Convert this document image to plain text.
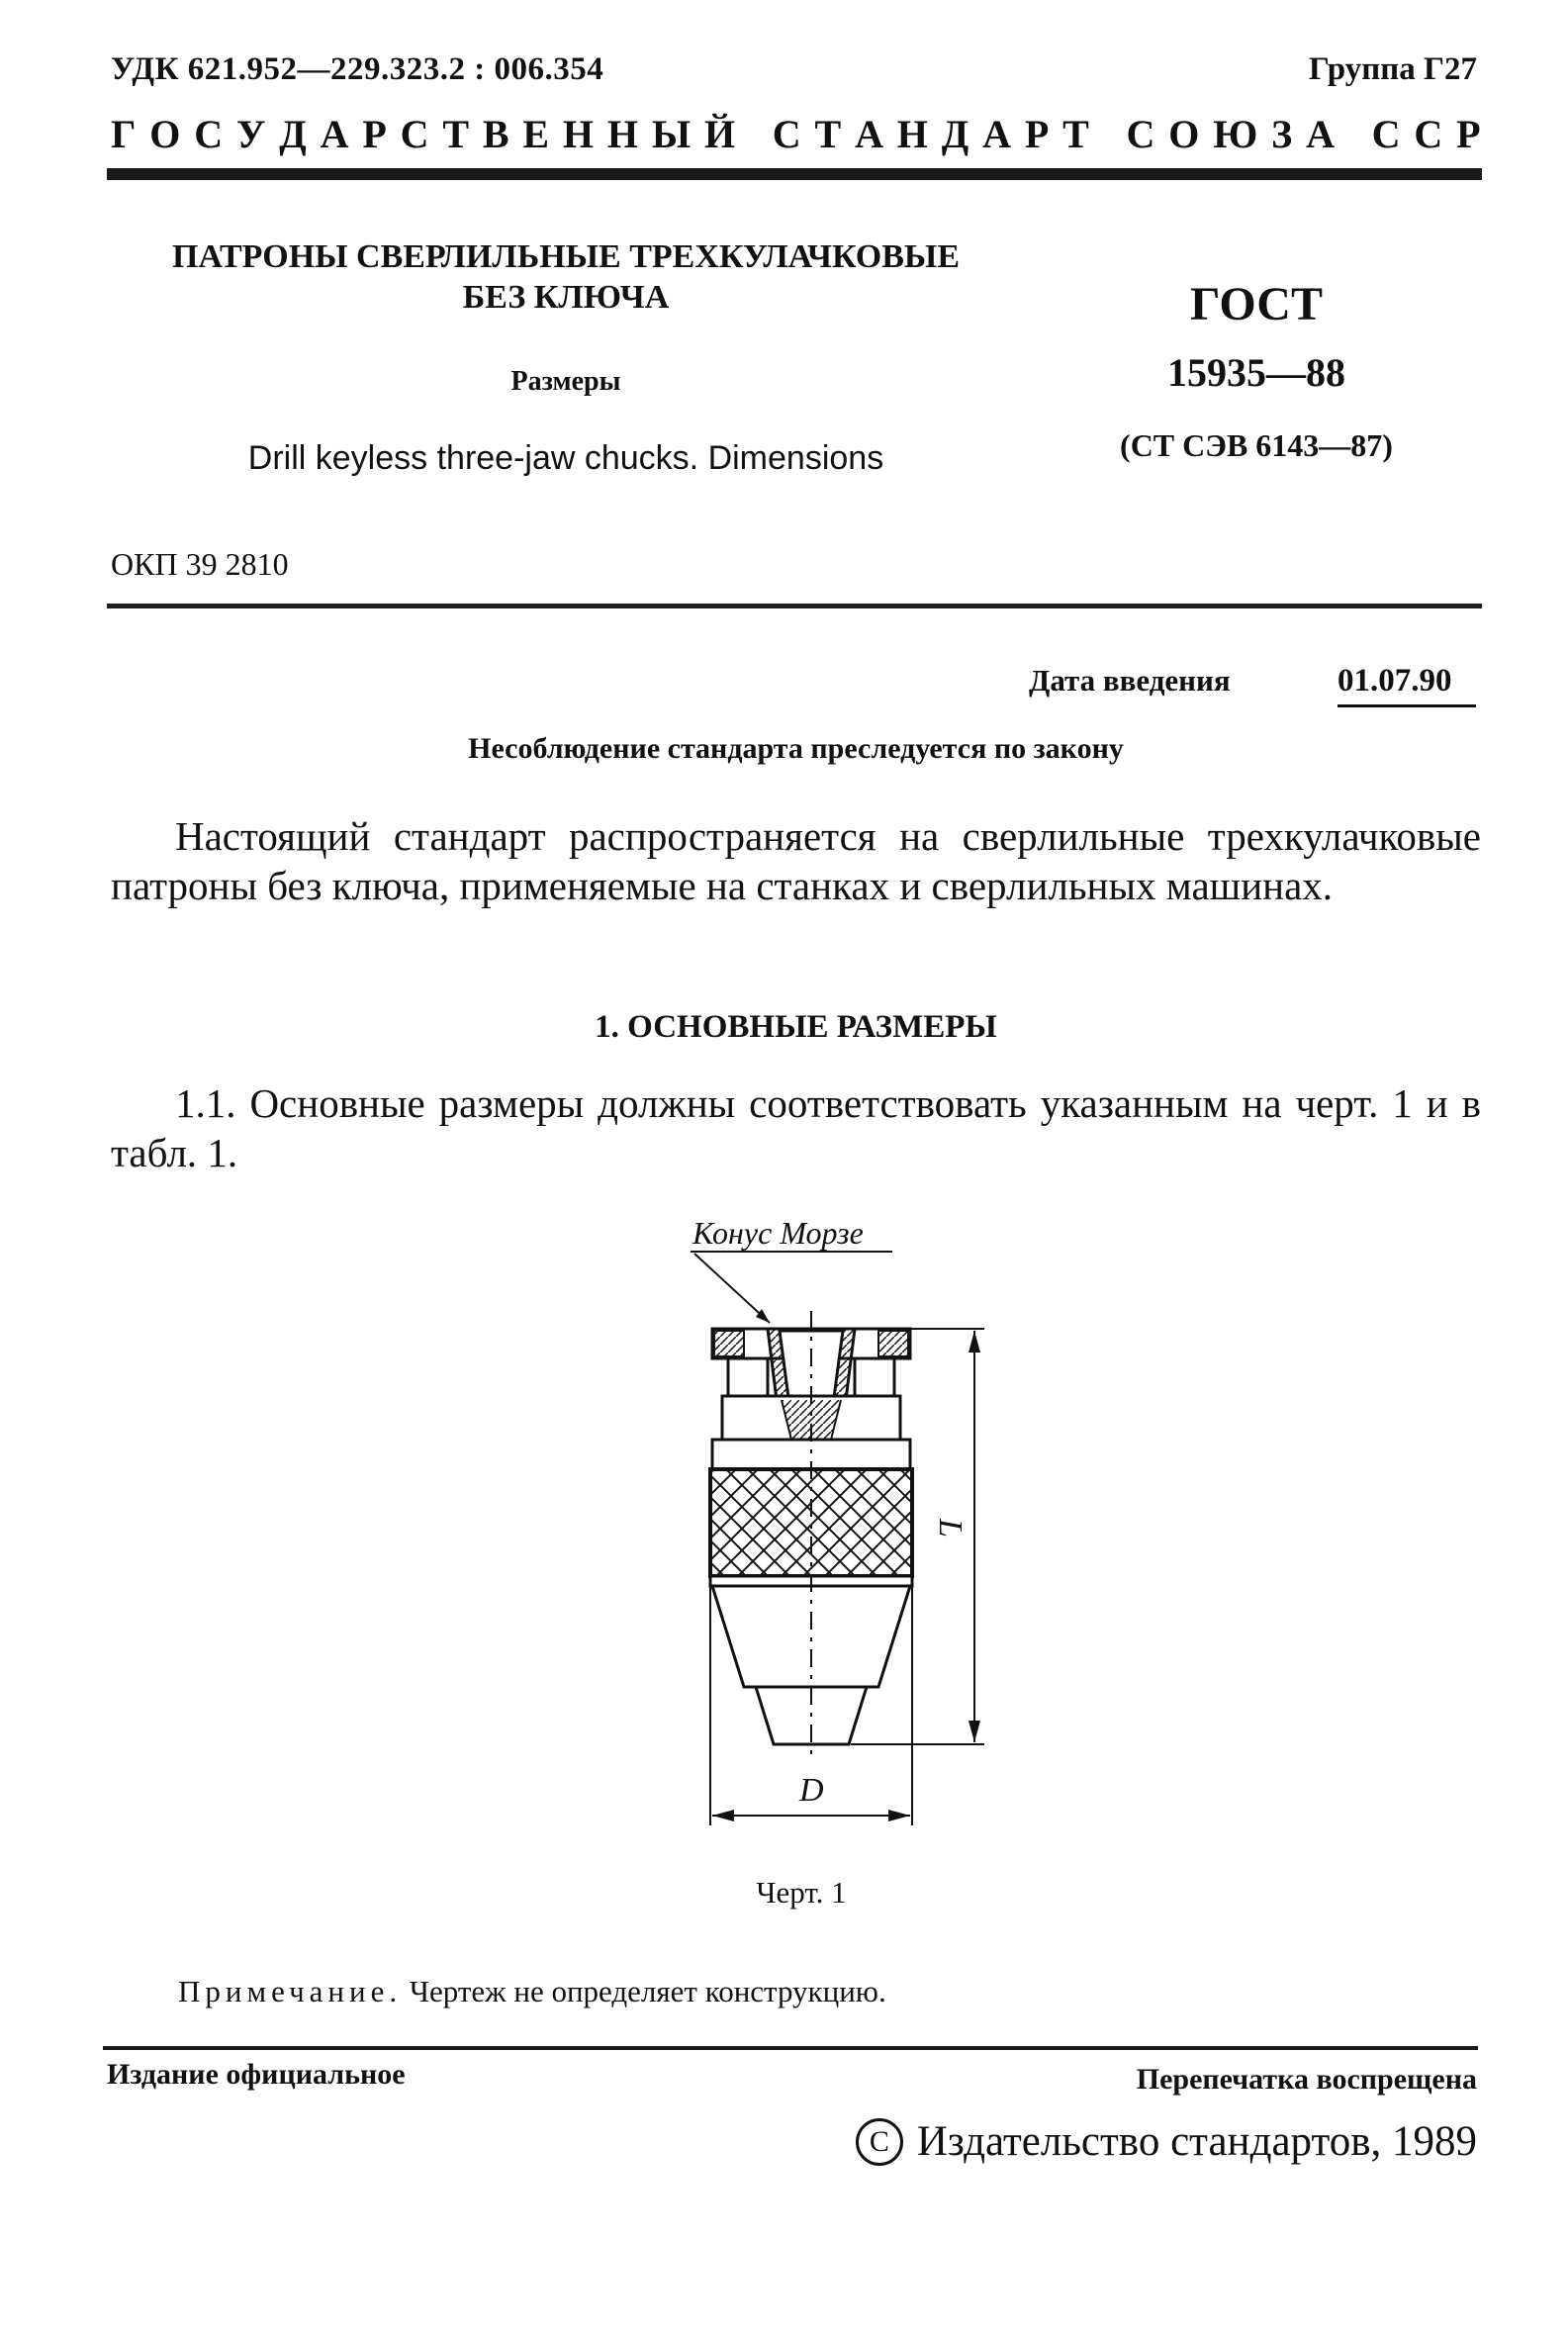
УДК 621.952—229.323.2 : 006.354	Группа Г27
Г О С У Д А Р С Т В Е Н Н Ы Й
С Т А Н Д А Р Т
С О Ю З А
С С Р
ПАТРОНЫ СВЕРЛИЛЬНЫЕ ТРЕХКУЛАЧКОВЫЕ
БЕЗ КЛЮЧА
Размеры
Drill keyless three-jaw chucks. Dimensions
ГОСТ
15935—88
(СТ СЭВ 6143—87)
ОКП 39 2810
Дата введения	01.07.90
Несоблюдение стандарта преследуется по закону
Настоящий стандарт распространяется на сверлильные трехкулачковые патроны без ключа, применяемые на станках и сверлильных машинах.
1. ОСНОВНЫЕ РАЗМЕРЫ
1.1. Основные размеры должны соответствовать указанным на черт. 1 и в табл. 1.
Конус Морзе
L
D
Черт. 1
Примечание. Чертеж не определяет конструкцию.
Издание официальное	Перепечатка воспрещена
C Издательство стандартов, 1989
